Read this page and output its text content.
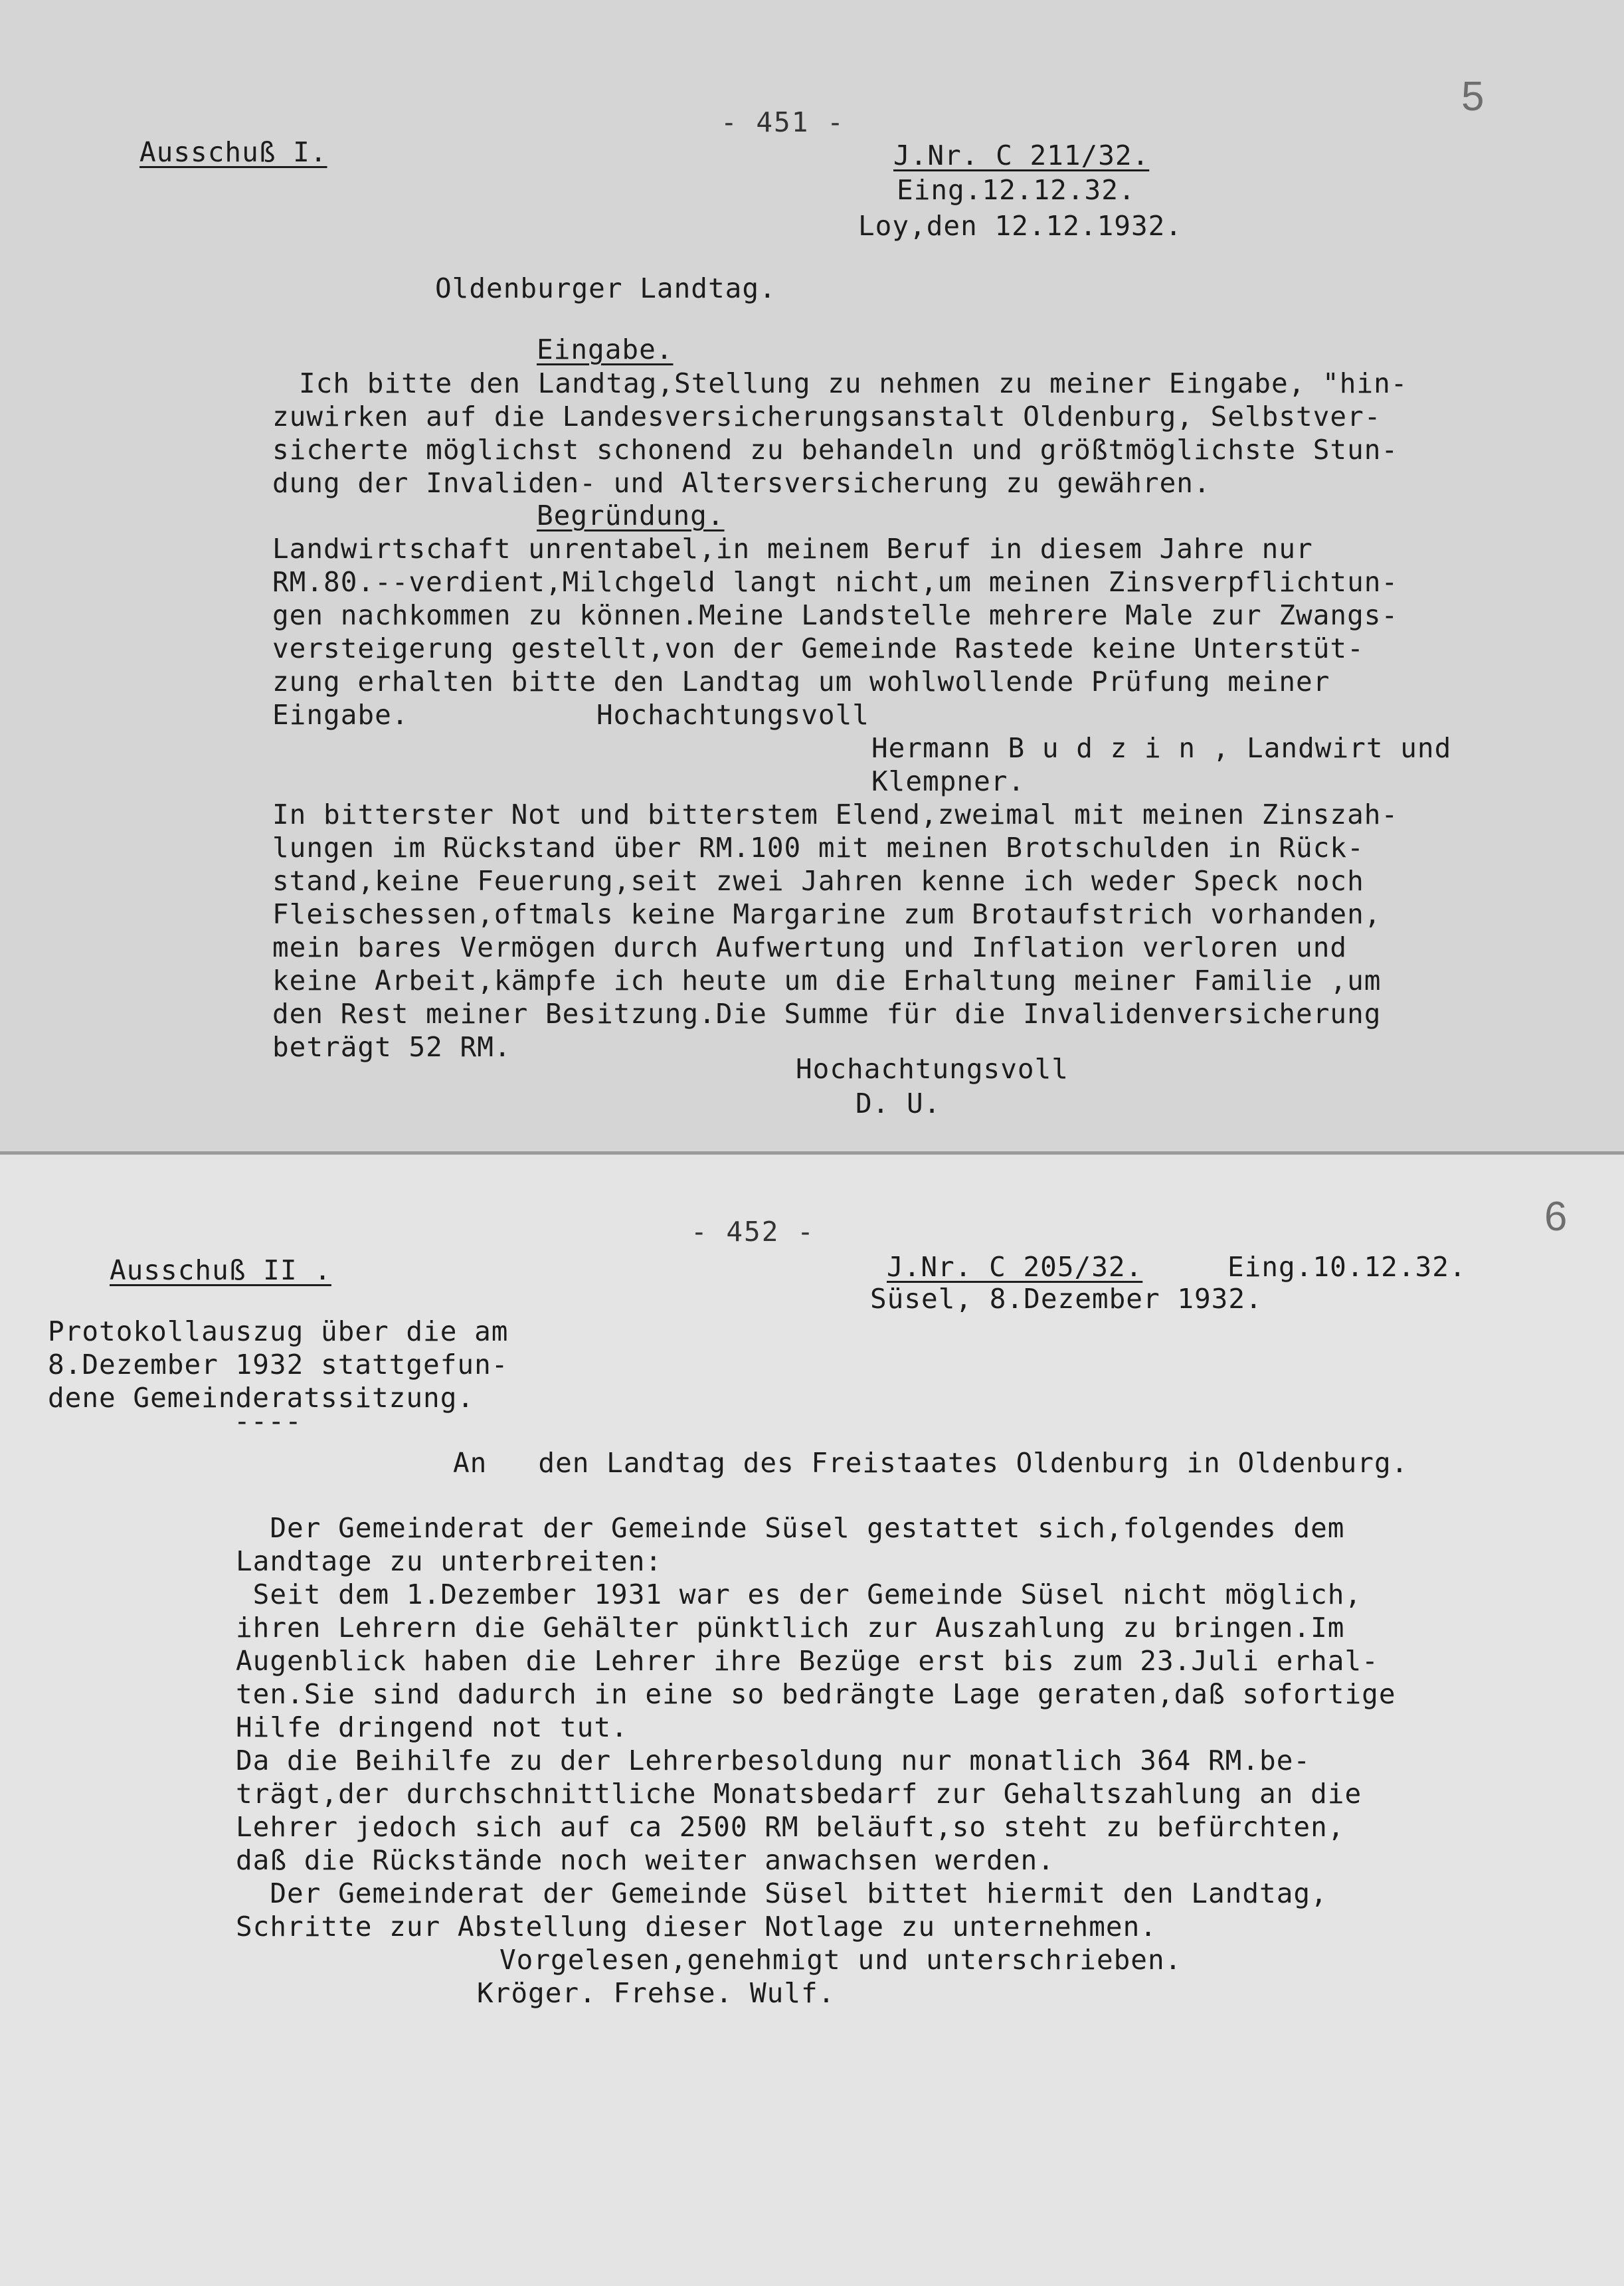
- 451 -
5
Ausschuß I.	J.Nr. C 211/32.
Eing.12.12.32.
Loy,den 12.12.1932.
Oldenburger Landtag.
Eingabe.
Ich bitte den Landtag,Stellung zu nehmen zu meiner Eingabe, "hin-
zuwirken auf die Landesversicherungsanstalt Oldenburg, Selbstver-
sicherte möglichst schonend zu behandeln und größtmöglichste Stun-
dung der Invaliden- und Altersversicherung zu gewähren.
Begründung.
Landwirtschaft unrentabel,in meinem Beruf in diesem Jahre nur
RM.80.--verdient,Milchgeld langt nicht,um meinen Zinsverpflichtun-
gen nachkommen zu können.Meine Landstelle mehrere Male zur Zwangs-
versteigerung gestellt,von der Gemeinde Rastede keine Unterstüt-
zung erhalten bitte den Landtag um wohlwollende Prüfung meiner
Eingabe.           Hochachtungsvoll
Hermann B u d z i n , Landwirt und
Klempner.
In bitterster Not und bitterstem Elend,zweimal mit meinen Zinszah-
lungen im Rückstand über RM.100 mit meinen Brotschulden in Rück-
stand,keine Feuerung,seit zwei Jahren kenne ich weder Speck noch
Fleischessen,oftmals keine Margarine zum Brotaufstrich vorhanden,
mein bares Vermögen durch Aufwertung und Inflation verloren und
keine Arbeit,kämpfe ich heute um die Erhaltung meiner Familie ,um
den Rest meiner Besitzung.Die Summe für die Invalidenversicherung
beträgt 52 RM.
Hochachtungsvoll
D. U.
- 452 -	6
Ausschuß II .	J.Nr. C 205/32.	Eing.10.12.32.
Süsel, 8.Dezember 1932.
Protokollauszug über die am
8.Dezember 1932 stattgefun-
dene Gemeinderatssitzung.
----
An   den Landtag des Freistaates Oldenburg in Oldenburg.
Der Gemeinderat der Gemeinde Süsel gestattet sich,folgendes dem
Landtage zu unterbreiten:
Seit dem 1.Dezember 1931 war es der Gemeinde Süsel nicht möglich,
ihren Lehrern die Gehälter pünktlich zur Auszahlung zu bringen.Im
Augenblick haben die Lehrer ihre Bezüge erst bis zum 23.Juli erhal-
ten.Sie sind dadurch in eine so bedrängte Lage geraten,daß sofortige
Hilfe dringend not tut.
Da die Beihilfe zu der Lehrerbesoldung nur monatlich 364 RM.be-
trägt,der durchschnittliche Monatsbedarf zur Gehaltszahlung an die
Lehrer jedoch sich auf ca 2500 RM beläuft,so steht zu befürchten,
daß die Rückstände noch weiter anwachsen werden.
Der Gemeinderat der Gemeinde Süsel bittet hiermit den Landtag,
Schritte zur Abstellung dieser Notlage zu unternehmen.
Vorgelesen,genehmigt und unterschrieben.
Kröger. Frehse. Wulf.
